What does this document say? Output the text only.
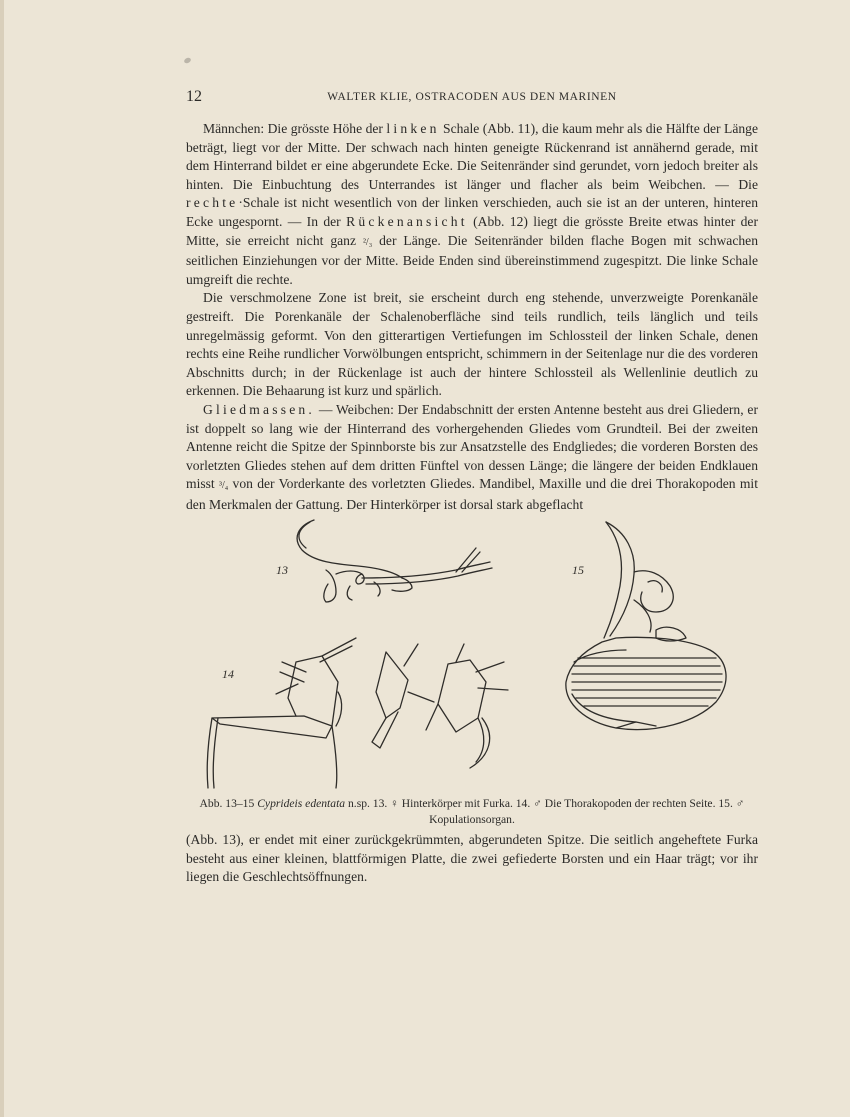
12	WALTER KLIE, OSTRACODEN AUS DEN MARINEN

Männchen: Die grösste Höhe der linken Schale (Abb. 11), die kaum mehr als die Hälfte der Länge beträgt, liegt vor der Mitte. Der schwach nach hinten geneigte Rückenrand ist annähernd gerade, mit dem Hinterrand bildet er eine abgerundete Ecke. Die Seitenränder sind gerundet, vorn jedoch breiter als hinten. Die Einbuchtung des Unterrandes ist länger und flacher als beim Weibchen. — Die rechte·Schale ist nicht wesentlich von der linken verschieden, auch sie ist an der unteren, hinteren Ecke ungespornt. — In der Rückenansicht (Abb. 12) liegt die grösste Breite etwas hinter der Mitte, sie erreicht nicht ganz ²/₃ der Länge. Die Seitenränder bilden flache Bogen mit schwachen seitlichen Einziehungen vor der Mitte. Beide Enden sind übereinstimmend zugespitzt. Die linke Schale umgreift die rechte.

Die verschmolzene Zone ist breit, sie erscheint durch eng stehende, unverzweigte Porenkanäle gestreift. Die Porenkanäle der Schalenoberfläche sind teils rundlich, teils länglich und teils unregelmässig geformt. Von den gitterartigen Vertiefungen im Schlossteil der linken Schale, denen rechts eine Reihe rundlicher Vorwölbungen entspricht, schimmern in der Seitenlage nur die des vorderen Abschnitts durch; in der Rückenlage ist auch der hintere Schlossteil als Wellenlinie deutlich zu erkennen. Die Behaarung ist kurz und spärlich.

Gliedmassen. — Weibchen: Der Endabschnitt der ersten Antenne besteht aus drei Gliedern, er ist doppelt so lang wie der Hinterrand des vorhergehenden Gliedes vom Grundteil. Bei der zweiten Antenne reicht die Spitze der Spinnborste bis zur Ansatzstelle des Endgliedes; die vorderen Borsten des vorletzten Gliedes stehen auf dem dritten Fünftel von dessen Länge; die längere der beiden Endklauen misst ³/₄ von der Vorderkante des vorletzten Gliedes. Mandibel, Maxille und die drei Thorakopoden mit den Merkmalen der Gattung. Der Hinterkörper ist dorsal stark abgeflacht

13
14
15
Abb. 13–15 Cyprideis edentata n.sp. 13. ♀ Hinterkörper mit Furka. 14. ♂ Die Thorakopoden der rechten Seite. 15. ♂ Kopulationsorgan.

(Abb. 13), er endet mit einer zurückgekrümmten, abgerundeten Spitze. Die seitlich angeheftete Furka besteht aus einer kleinen, blattförmigen Platte, die zwei gefiederte Borsten und ein Haar trägt; vor ihr liegen die Geschlechtsöffnungen.
